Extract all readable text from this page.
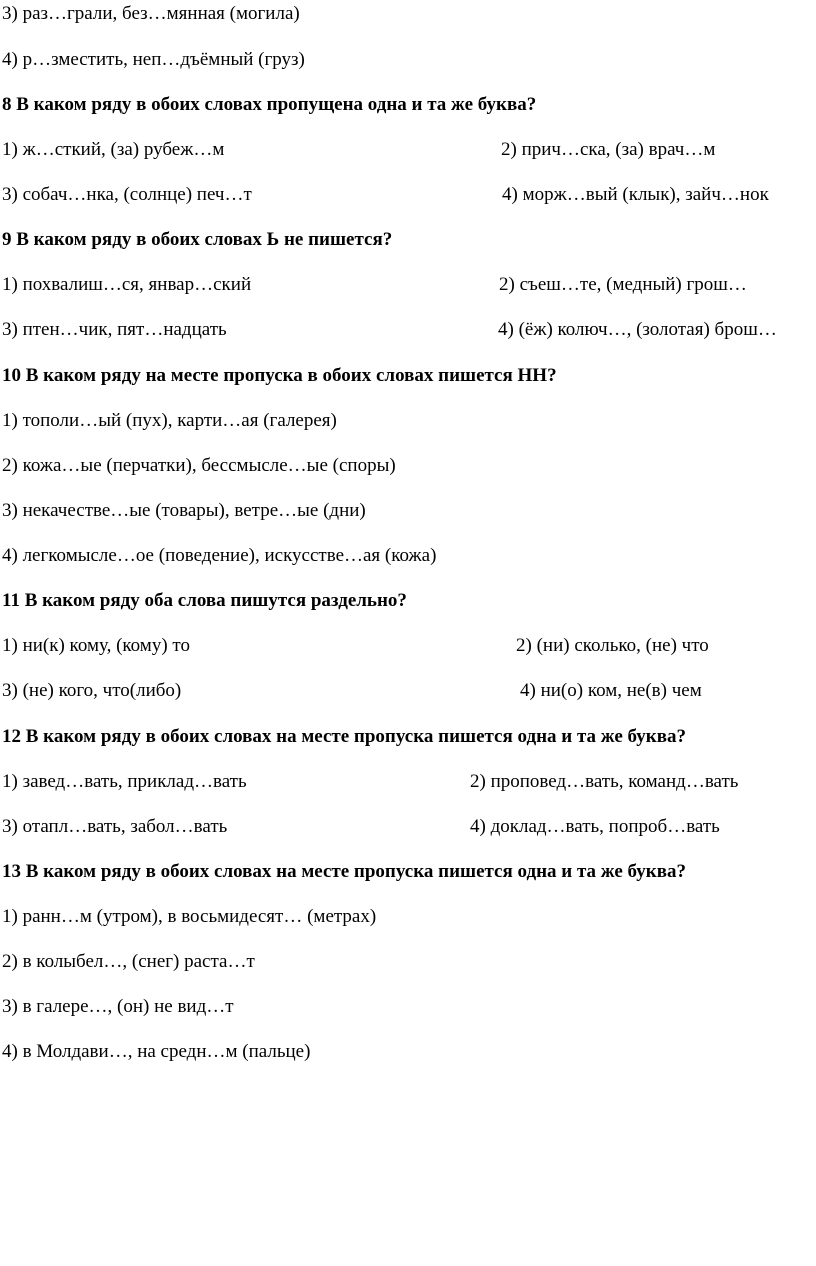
3) раз…грали, без…мянная (могила)
4) р…зместить, неп…дъёмный (груз)
8 В каком ряду в обоих словах пропущена одна и та же буква?
1) ж…сткий, (за) рубеж…м	2) прич…ска, (за) врач…м
3) собач…нка, (солнце) печ…т	4) морж…вый (клык), зайч…нок
9 В каком ряду в обоих словах Ь не пишется?
1) похвалиш…ся, январ…ский	2) съеш…те, (медный) грош…
3) птен…чик, пят…надцать	4) (ёж) колюч…, (золотая) брош…
10 В каком ряду на месте пропуска в обоих словах пишется НН?
1) тополи…ый (пух), карти…ая (галерея)
2) кожа…ые (перчатки), бессмысле…ые (споры)
3) некачестве…ые (товары), ветре…ые (дни)
4) легкомысле…ое (поведение), искусстве…ая (кожа)
11 В каком ряду оба слова пишутся раздельно?
1) ни(к) кому, (кому) то	2) (ни) сколько, (не) что
3) (не) кого, что(либо)	4) ни(о) ком, не(в) чем
12 В каком ряду в обоих словах на месте пропуска пишется одна и та же буква?
1) завед…вать, приклад…вать	2) проповед…вать, команд…вать
3) отапл…вать, забол…вать	4) доклад…вать, попроб…вать
13 В каком ряду в обоих словах на месте пропуска пишется одна и та же буква?
1) ранн…м (утром), в восьмидесят… (метрах)
2) в колыбел…, (снег) раста…т
3) в галере…, (он) не вид…т
4) в Молдави…, на средн…м (пальце)
